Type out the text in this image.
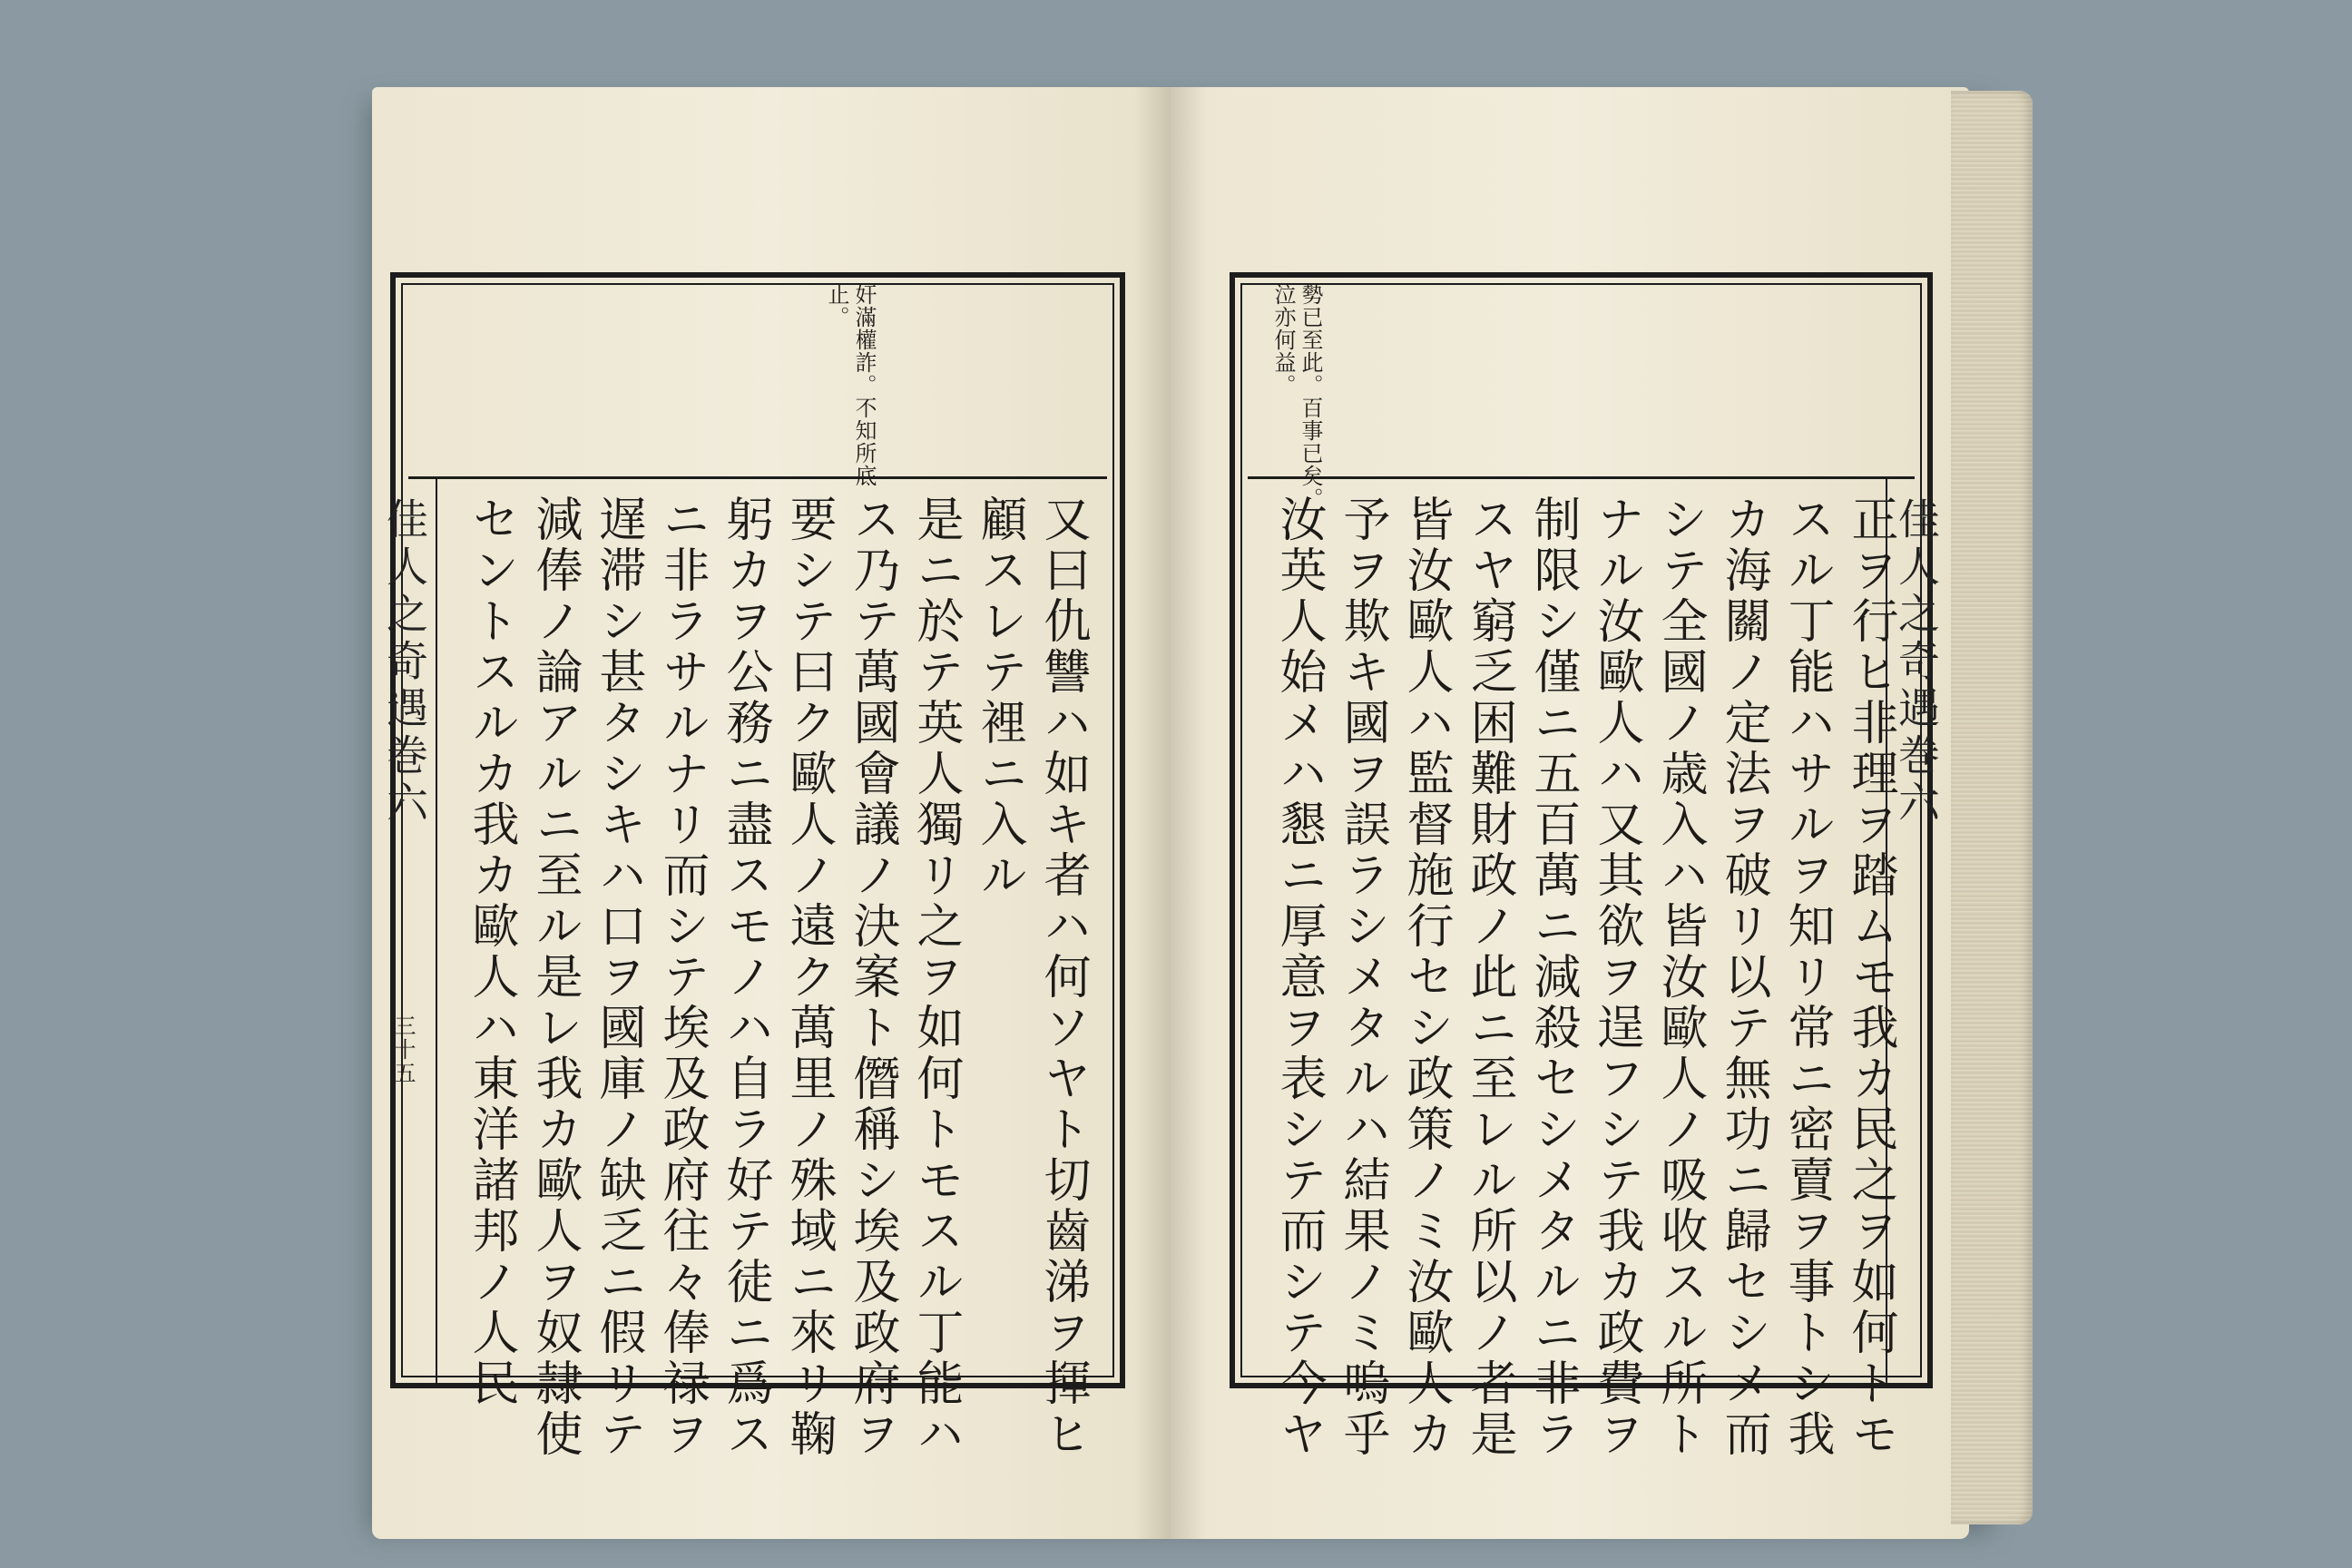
奸滿權詐。不知所底
止。
佳人之奇遇巻六
三十五	又曰仇讐ハ如キ者ハ何ソヤト切齒涕ヲ揮ヒ
顧スレテ裡ニ入ル
是ニ於テ英人獨リ之ヲ如何トモスル丁能ハ
ス乃テ萬國會議ノ決案ト僭稱シ埃及政府ヲ
要シテ曰ク歐人ノ遠ク萬里ノ殊域ニ來リ鞠
躬カヲ公務ニ盡スモノハ自ラ好テ徒ニ爲ス
ニ非ラサルナリ而シテ埃及政府往々俸禄ヲ
遅滞シ甚タシキハ口ヲ國庫ノ缺乏ニ假リテ
減俸ノ論アルニ至ル是レ我カ歐人ヲ奴隷使
セントスルカ我カ歐人ハ東洋諸邦ノ人民
勢已至此。百事已矣。
泣亦何益。
佳人之奇遇巻六
正ヲ行ヒ非理ヲ踏ムモ我カ民之ヲ如何トモ
スル丁能ハサルヲ知リ常ニ密賣ヲ事トシ我
カ海關ノ定法ヲ破リ以テ無功ニ歸セシメ而
シテ全國ノ歳入ハ皆汝歐人ノ吸收スル所ト
ナル汝歐人ハ又其欲ヲ逞フシテ我カ政費ヲ
制限シ僅ニ五百萬ニ減殺セシメタルニ非ラ
スヤ窮乏困難財政ノ此ニ至レル所以ノ者是
皆汝歐人ハ監督施行セシ政策ノミ汝歐人カ
予ヲ欺キ國ヲ誤ラシメタルハ結果ノミ嗚乎
汝英人始メハ懇ニ厚意ヲ表シテ而シテ今ヤ
